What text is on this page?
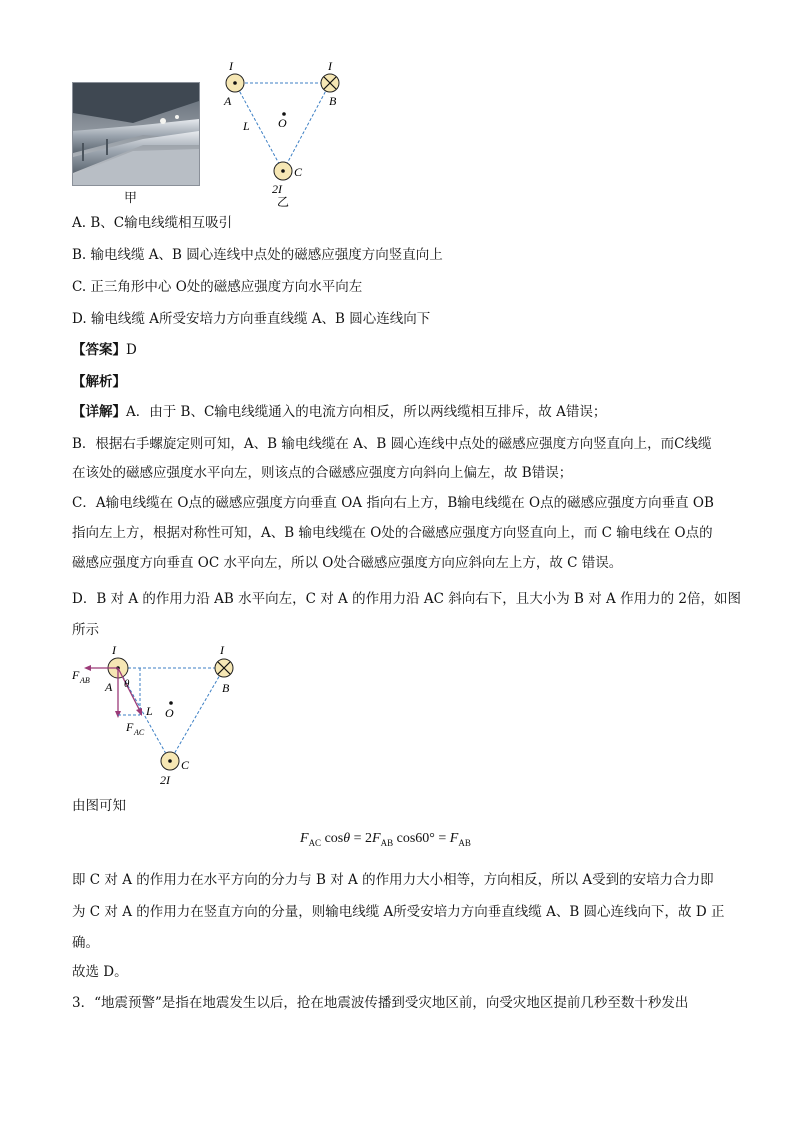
甲
I
A
I
B
O
L
C
2I
乙
A. B、C输电线缆相互吸引
B. 输电线缆 A、B 圆心连线中点处的磁感应强度方向竖直向上
C. 正三角形中心 O处的磁感应强度方向水平向左
D. 输电线缆 A所受安培力方向垂直线缆 A、B 圆心连线向下
【答案】D
【解析】
【详解】A．由于 B、C输电线缆通入的电流方向相反，所以两线缆相互排斥，故 A错误；
B．根据右手螺旋定则可知，A、B 输电线缆在 A、B 圆心连线中点处的磁感应强度方向竖直向上，而C线缆
在该处的磁感应强度水平向左，则该点的合磁感应强度方向斜向上偏左，故 B错误；
C．A输电线缆在 O点的磁感应强度方向垂直 OA 指向右上方，B输电线缆在 O点的磁感应强度方向垂直 OB
指向左上方，根据对称性可知，A、B 输电线缆在 O处的合磁感应强度方向竖直向上，而 C 输电线在 O点的
磁感应强度方向垂直 OC 水平向左，所以 O处合磁感应强度方向应斜向左上方，故 C 错误。
D．B 对 A 的作用力沿 AB 水平向左，C 对 A 的作用力沿 AC 斜向右下，且大小为 B 对 A 作用力的 2倍，如图
所示
I	I
F AB A θ	B
L O
F AC
C
2I
由图可知
$F_{AC}$ $\cos\theta = 2F_{AB}$ $\cos 60^\circ = F_{AB}$
即 C 对 A 的作用力在水平方向的分力与 B 对 A 的作用力大小相等，方向相反，所以 A受到的安培力合力即
为 C 对 A 的作用力在竖直方向的分量，则输电线缆 A所受安培力方向垂直线缆 A、B 圆心连线向下，故 D 正
确。
故选 D。
3．“地震预警”是指在地震发生以后，抢在地震波传播到受灾地区前，向受灾地区提前几秒至数十秒发出
